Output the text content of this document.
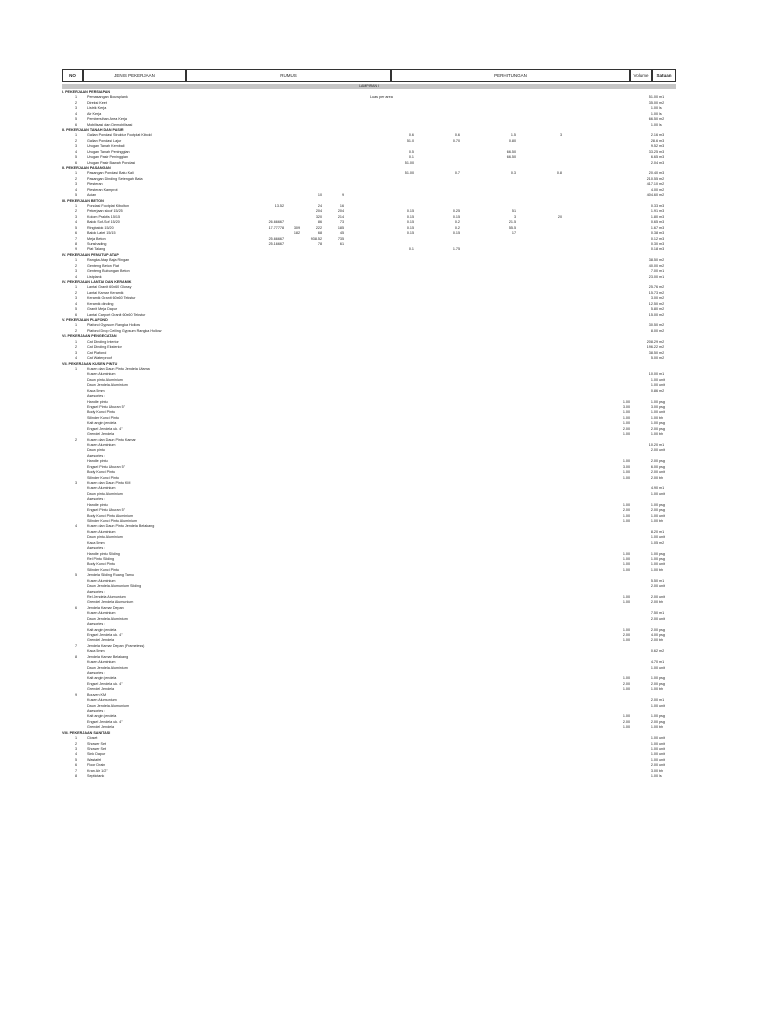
NO	JENIS PEKERJAAN	RUMUS	PERHITUNGAN	Volume	Satuan
LAMPIRAN I
I. PEKERJAAN PERSIAPAN
1	Pemasangan Bouwplank	Luas per area	51.00 m1
2	Direksi Keet	35.00 m2
3	Listrik Kerja	1.00 ls
4	Air Kerja	1.00 ls
5	Pembersihan Area Kerja	66.50 m2
6	Mobilisasi dan Demobilisasi	1.00 ls
II. PEKERJAAN TANAH DAN PASIR
1	Galian Pondasi Struktur Footplat Kibold	0.6	0.6	1.5	3	2.16 m3
2	Galian Pondasi Lajur	51.0	0.70	0.80	28.6 m3
3	Urugan Tanah Kembali	9.52 m3
4	Urugan Tanah Peninggian	0.5	66.50	33.25 m3
5	Urugan Pasir Peninggian	0.1	66.50	6.65 m3
6	Urugan Pasir Bawah Pondasi	51.00	2.04 m3
II. PEKERJAAN PASANGAN
1	Pasangan Pondasi Batu Kali	51.00	0.7	0.3	0.8	20.40 m3
2	Pasangan Dinding Setengah Bata	210.55 m2
3	Plesteran	417.10 m2
4	Plesteran Kamprot	4.00 m2
5	Acian	10	9	404.60 m2
III. PEKERJAAN BETON
1	Pondasi Footplat Kibolton	13.52	24	16	0.33 m3
2	Pekerjaan sloof 15/25	204	204	0.15	0.25	51	1.91 m3
3	Kolom Praktis 15/15	320	214	0.15	0.15	3	20	1.80 m3
4	Balok Sof-Sof 15/20	26.66667	86	73	0.15	0.2	21.5	0.65 m3
5	Ringbalok 15/20	17.77778	309	222	185	0.15	0.2	55.5	1.67 m3
6	Balok Latei 15/15	182	68	45	0.15	0.15	17	0.38 m3
7	Meja Beton	25.66667	938.52	735	0.12 m3
8	Sunshading	25.16667	78	61	0.30 m3
9	Plat Talang	0.1	1.75	0.18 m3
IV. PEKERJAAN PENUTUP ATAP
1	Rangka Atap Baja Ringan	38.50 m2
2	Genteng Beton Flat	40.00 m2
3	Genteng Bubungan Beton	7.00 m1
4	Listplank	23.00 m1
IV. PEKERJAAN LANTAI DAN KERAMIK
1	Lantai Granit 60x60 Glossy	25.76 m2
2	Lantai Kamar Keramik	15.73 m2
3	Keramik Granit 60x60 Tekstur	3.00 m2
4	Keramik dinding	12.50 m2
5	Granit Meja Dapur	5.80 m2
6	Lantai Carport Granit 60x60 Tekstur	15.00 m2
V. PEKERJAAN PLAFOND
1	Plafond Gypsum Rangka Hollow	30.50 m2
2	Plafond Drop Ceiling Gypsum Rangka Hollow	8.00 m2
VI. PEKERJAAN PENGECATAN
1	Cat Dinding Interior	208.29 m2
2	Cat Dinding Eksterior	196.22 m2
3	Cat Plafond	38.50 m2
4	Cat Waterproof	5.00 m2
VII. PEKERJAAN KUSEN PINTU
1	Kusen dan Daun Pintu Jendela Utama
Kusen Aluminium	10.00 m1
Daun pintu Aluminium	1.00 unit
Daun Jendela Aluminium	1.00 unit
Kaca 5mm	0.86 m2
Asesories :
Handle pintu	1.00	1.00 psg
Engsel Pintu Ukuran 5"	3.00	3.00 psg
Body Kunci Pintu	1.00	1.00 unit
Silinder Kunci Pintu	1.00	1.00 bh
Kait angin jendela	1.00	1.00 psg
Engsel Jendela uk. 4"	2.00	2.00 psg
Grendel Jendela	1.00	1.00 bh
2	Kusen dan Daun Pintu Kamar
Kusen Aluminium	10.20 m1
Daun pintu	2.00 unit
Asesories :
Handle pintu	1.00	2.00 psg
Engsel Pintu Ukuran 5"	3.00	6.00 psg
Body Kunci Pintu	1.00	2.00 unit
Silinder Kunci Pintu	1.00	2.00 bh
3	Kusen dan Daun Pintu KM
Kusen Aluminium	4.90 m1
Daun pintu Aluminium	1.00 unit
Asesories :
Handle pintu	1.00	1.00 psg
Engsel Pintu Ukuran 5"	2.00	2.00 psg
Body Kunci Pintu Aluminium	1.00	1.00 unit
Silinder Kunci Pintu Aluminium	1.00	1.00 bh
4	Kusen dan Daun Pintu Jendela Belakang
Kusen Aluminium	8.20 m1
Daun pintu Aluminium	1.00 unit
Kaca 5mm	1.05 m2
Asesories :
Handle pintu Sliding	1.00	1.00 psg
Rel Pintu Sliding	1.00	1.00 psg
Body Kunci Pintu	1.00	1.00 unit
Silinder Kunci Pintu	1.00	1.00 bh
5	Jendela Sliding Ruang Tamu
Kusen Aluminium	5.50 m1
Daun Jendela Alumunium Sliding	2.00 unit
Asesories :
Rel Jendela Alumunium	1.00	2.00 unit
Grendel Jendela Alumunium	1.00	2.00 bh
6	Jendela Kamar Depan
Kusen Aluminium	7.50 m1
Daun Jendela Aluminium	2.00 unit
Asesories :
Kait angin jendela	1.00	2.00 psg
Engsel Jendela uk. 4"	2.00	4.00 psg
Grendel Jendela	1.00	2.00 bh
7	Jendela Kamar Depan (Frameless)
Kaca 5mm	0.62 m2
8	Jendela Kamar Belakang
Kusen Aluminium	4.70 m1
Daun Jendela Aluminium	1.00 unit
Asesories :
Kait angin jendela	1.00	1.00 psg
Engsel Jendela uk. 4"	2.00	2.00 psg
Grendel Jendela	1.00	1.00 bh
9	Bouven KM
Kusen Alumunium	2.00 m1
Daun Jendela Alumunium	1.00 unit
Asesories :
Kait angin jendela	1.00	1.00 psg
Engsel Jendela uk. 4"	2.00	2.00 psg
Grendel Jendela	1.00	1.00 bh
VIII. PEKERJAAN SANITASI
1	Closet	1.00 unit
2	Shower Set	1.00 unit
3	Shower Set	1.00 unit
4	Sink Dapur	1.00 unit
5	Wastafel	1.00 unit
6	Floor Drain	2.00 unit
7	Kran Air 1/2"	3.00 bh
8	Septictank	1.00 ls
